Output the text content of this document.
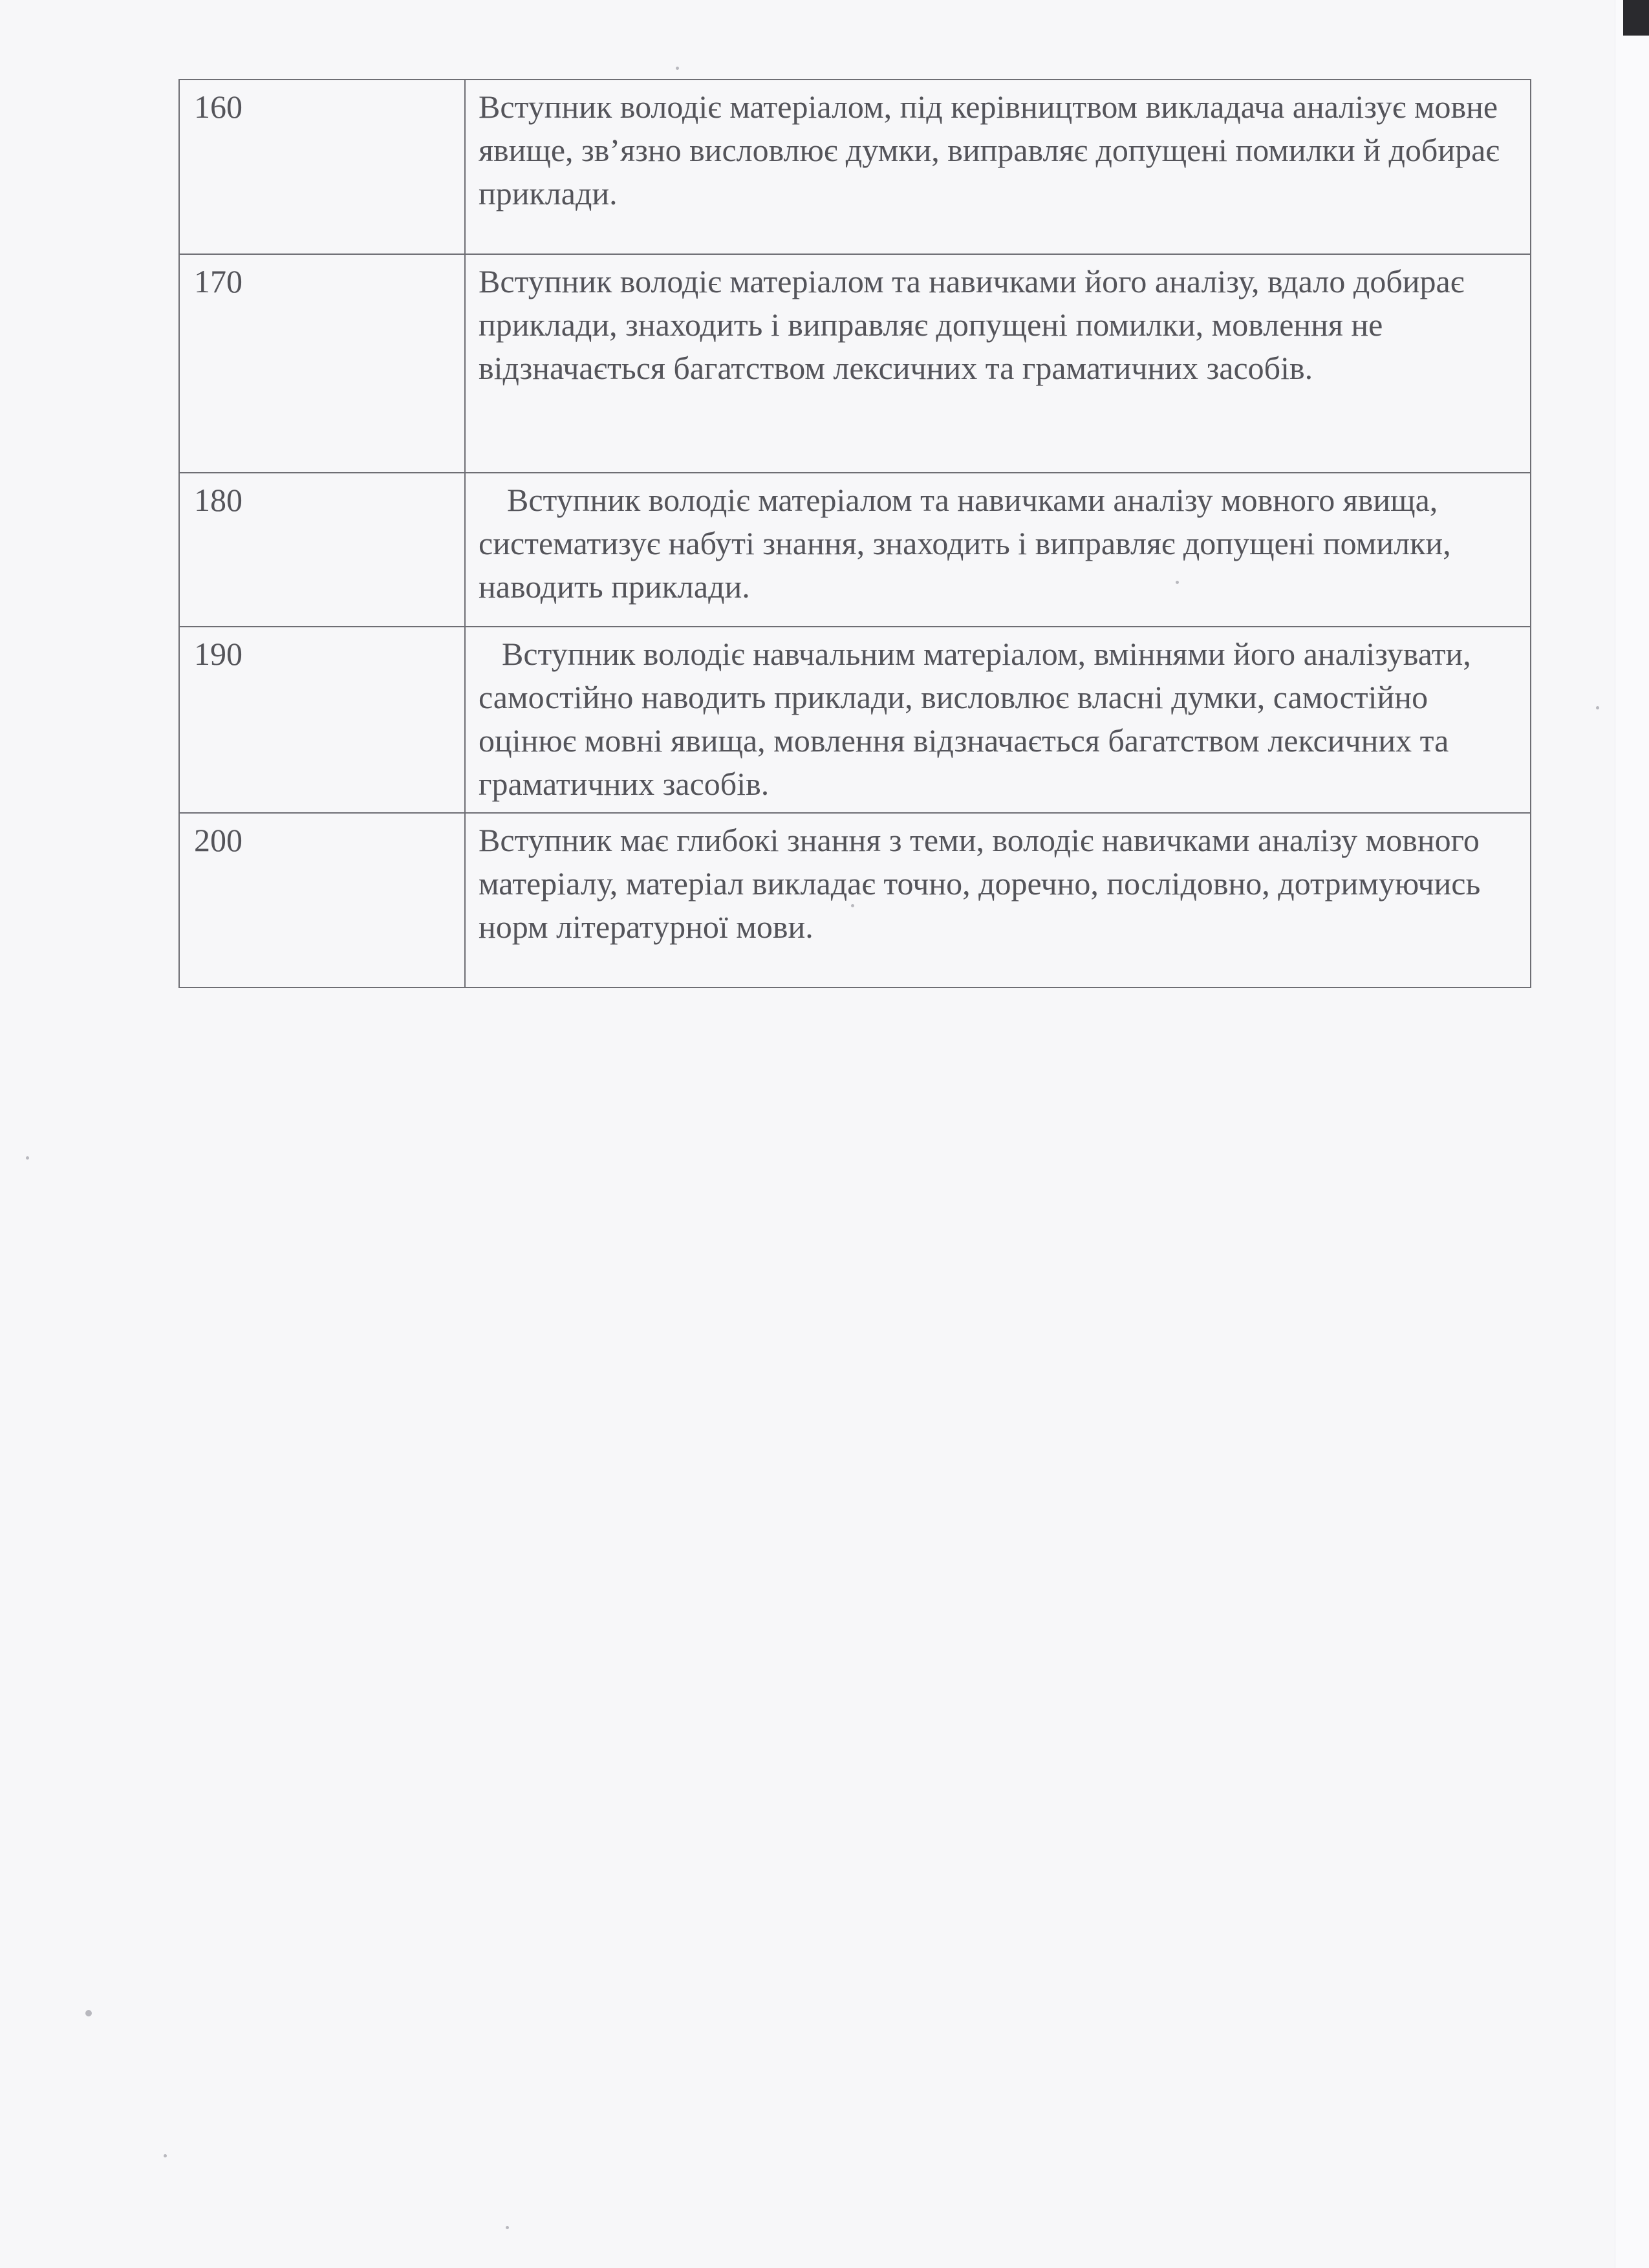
160	Вступник володіє матеріалом, під керівництвом викладача аналізує мовне явище, зв’язно висловлює думки, виправляє допущені помилки й добирає приклади.
170	Вступник володіє матеріалом та навичками його аналізу, вдало добирає приклади, знаходить і виправляє допущені помилки, мовлення не відзначається багатством лексичних та граматичних засобів.
180	Вступник володіє матеріалом та навичками аналізу мовного явища, систематизує набуті знання, знаходить і виправляє допущені помилки, наводить приклади.
190	Вступник володіє навчальним матеріалом, вміннями його аналізувати, самостійно наводить приклади, висловлює власні думки, самостійно оцінює мовні явища, мовлення відзначається багатством лексичних та граматичних засобів.
200	Вступник має глибокі знання з теми, володіє навичками аналізу мовного матеріалу, матеріал викладає точно, доречно, послідовно, дотримуючись норм літературної мови.
